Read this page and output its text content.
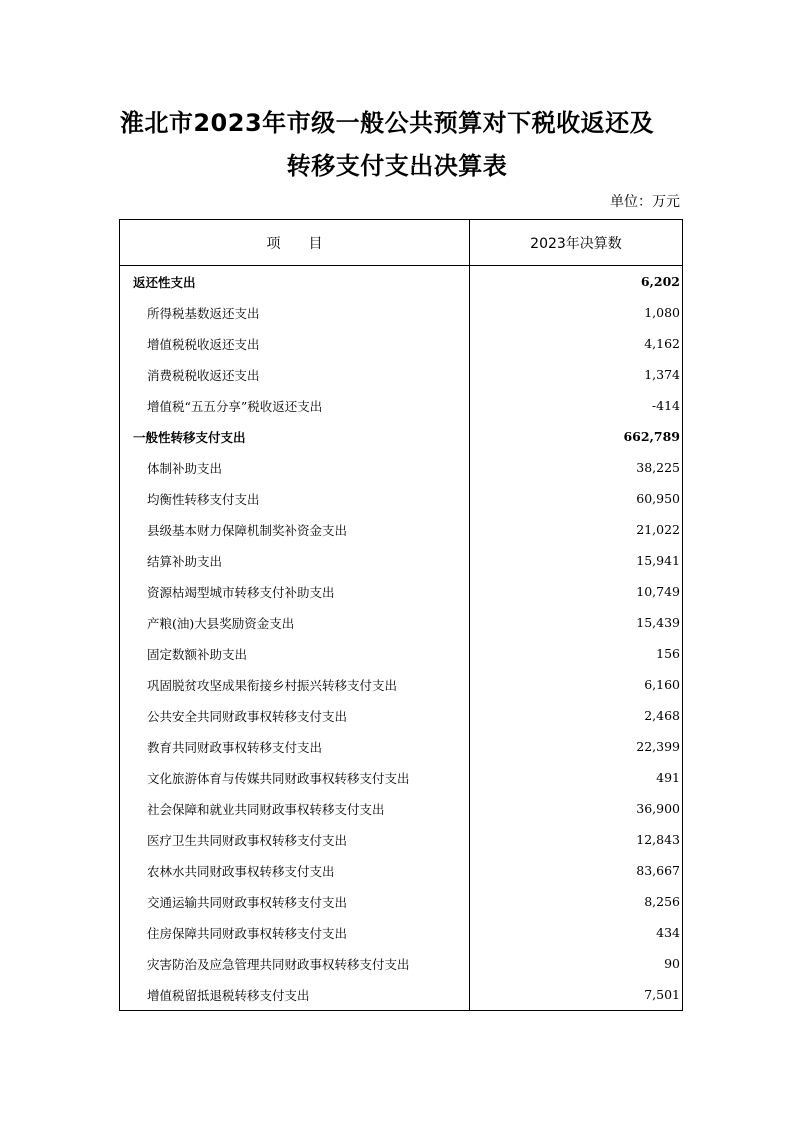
淮北市2023年市级一般公共预算对下税收返还及
转移支付支出决算表
单位：万元
项　　目	2023年决算数
返还性支出	6,202
所得税基数返还支出	1,080
增值税税收返还支出	4,162
消费税税收返还支出	1,374
增值税“五五分享”税收返还支出	-414
一般性转移支付支出	662,789
体制补助支出	38,225
均衡性转移支付支出	60,950
县级基本财力保障机制奖补资金支出	21,022
结算补助支出	15,941
资源枯竭型城市转移支付补助支出	10,749
产粮(油)大县奖励资金支出	15,439
固定数额补助支出	156
巩固脱贫攻坚成果衔接乡村振兴转移支付支出	6,160
公共安全共同财政事权转移支付支出	2,468
教育共同财政事权转移支付支出	22,399
文化旅游体育与传媒共同财政事权转移支付支出	491
社会保障和就业共同财政事权转移支付支出	36,900
医疗卫生共同财政事权转移支付支出	12,843
农林水共同财政事权转移支付支出	83,667
交通运输共同财政事权转移支付支出	8,256
住房保障共同财政事权转移支付支出	434
灾害防治及应急管理共同财政事权转移支付支出	90
增值税留抵退税转移支付支出	7,501
